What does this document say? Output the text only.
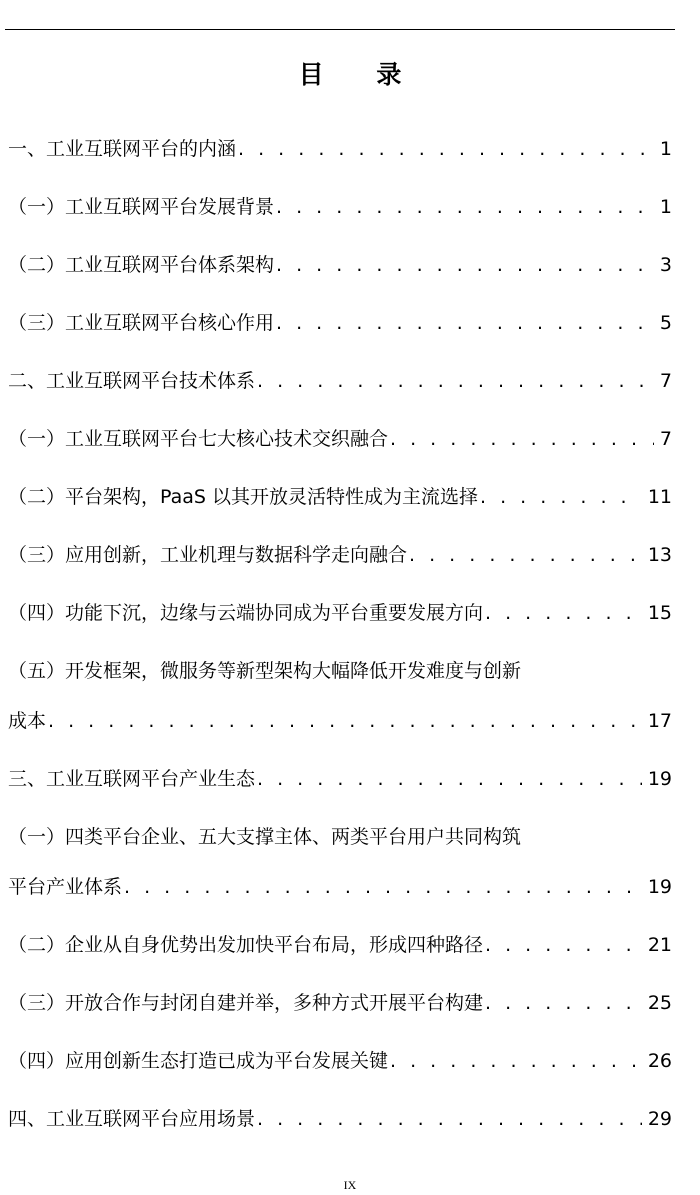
目 录
一、工业互联网平台的内涵 . . .	1
（一）工业互联网平台发展背景 . . .	1
（二）工业互联网平台体系架构 . . .	3
（三）工业互联网平台核心作用 . . .	5
二、工业互联网平台技术体系 . . .	7
（一）工业互联网平台七大核心技术交织融合 . . .	7
（二）平台架构，PaaS 以其开放灵活特性成为主流选择 . . .	11
（三）应用创新，工业机理与数据科学走向融合 . . .	13
（四）功能下沉，边缘与云端协同成为平台重要发展方向 . . .	15
（五）开发框架，微服务等新型架构大幅降低开发难度与创新
成本 . . .	17
三、工业互联网平台产业生态 . . .	19
（一）四类平台企业、五大支撑主体、两类平台用户共同构筑
平台产业体系 . . .	19
（二）企业从自身优势出发加快平台布局，形成四种路径 . . .	21
（三）开放合作与封闭自建并举，多种方式开展平台构建 . . .	25
（四）应用创新生态打造已成为平台发展关键 . . .	26
四、工业互联网平台应用场景 . . .	29
IX
